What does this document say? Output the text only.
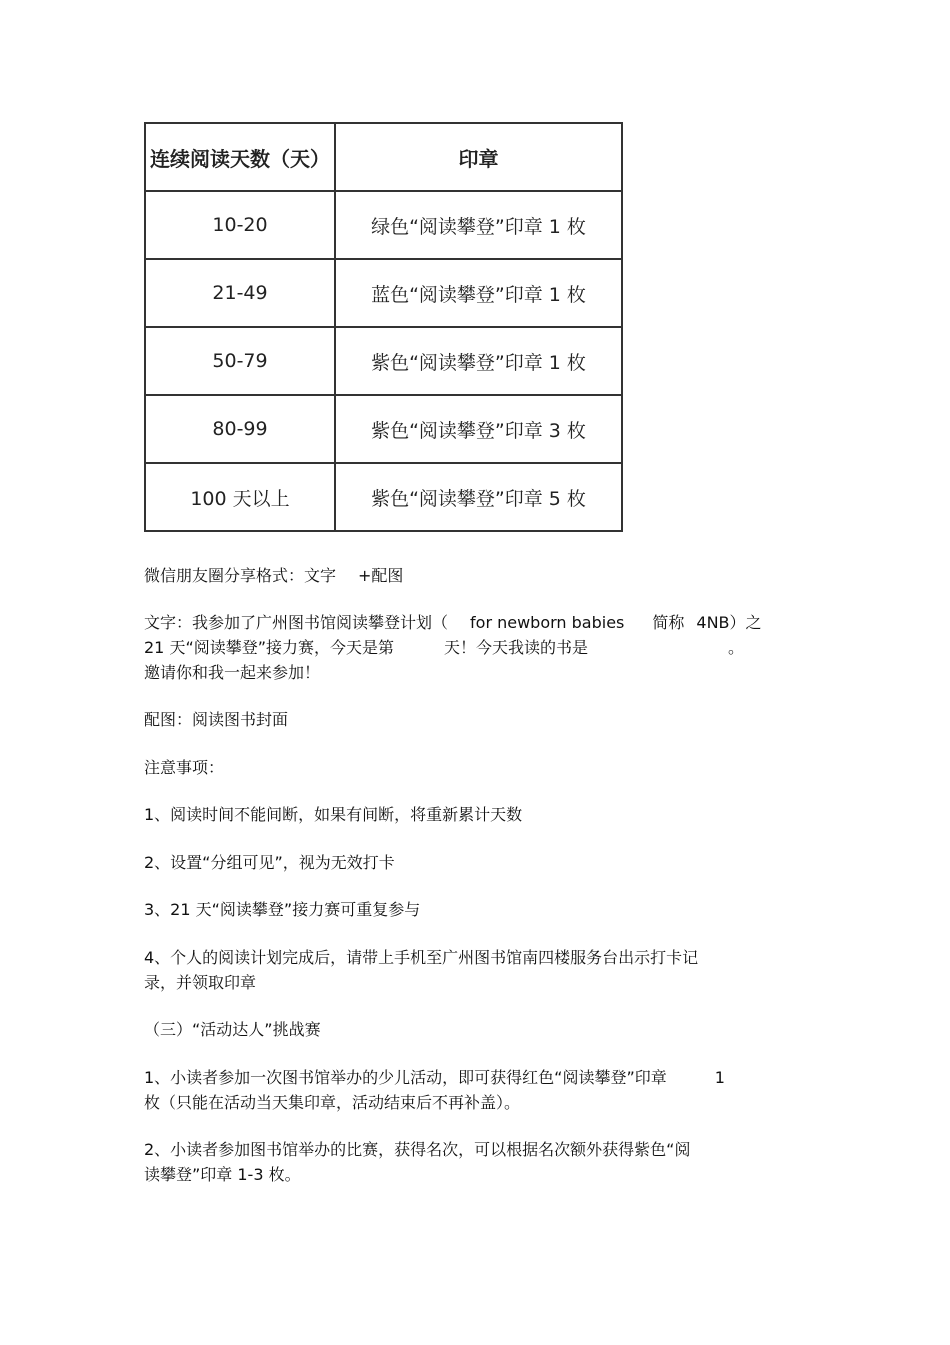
连续阅读天数（天）	印章
10-20	绿色“阅读攀登”印章 1 枚
21-49	蓝色“阅读攀登”印章 1 枚
50-79	紫色“阅读攀登”印章 1 枚
80-99	紫色“阅读攀登”印章 3 枚
100 天以上	紫色“阅读攀登”印章 5 枚
微信朋友圈分享格式：文字 +配图
文字：我参加了广州图书馆阅读攀登计划（ for newborn babies 简称 4NB）之
21 天“阅读攀登”接力赛，今天是第	天！今天我读的书是	。
邀请你和我一起来参加！
配图：阅读图书封面
注意事项：
1、阅读时间不能间断，如果有间断，将重新累计天数
2、设置“分组可见”，视为无效打卡
3、21 天“阅读攀登”接力赛可重复参与
4、个人的阅读计划完成后，请带上手机至广州图书馆南四楼服务台出示打卡记
录，并领取印章
（三）“活动达人”挑战赛
1、小读者参加一次图书馆举办的少儿活动，即可获得红色“阅读攀登”印章	1
枚（只能在活动当天集印章，活动结束后不再补盖）。
2、小读者参加图书馆举办的比赛，获得名次，可以根据名次额外获得紫色“阅
读攀登”印章 1-3 枚。
